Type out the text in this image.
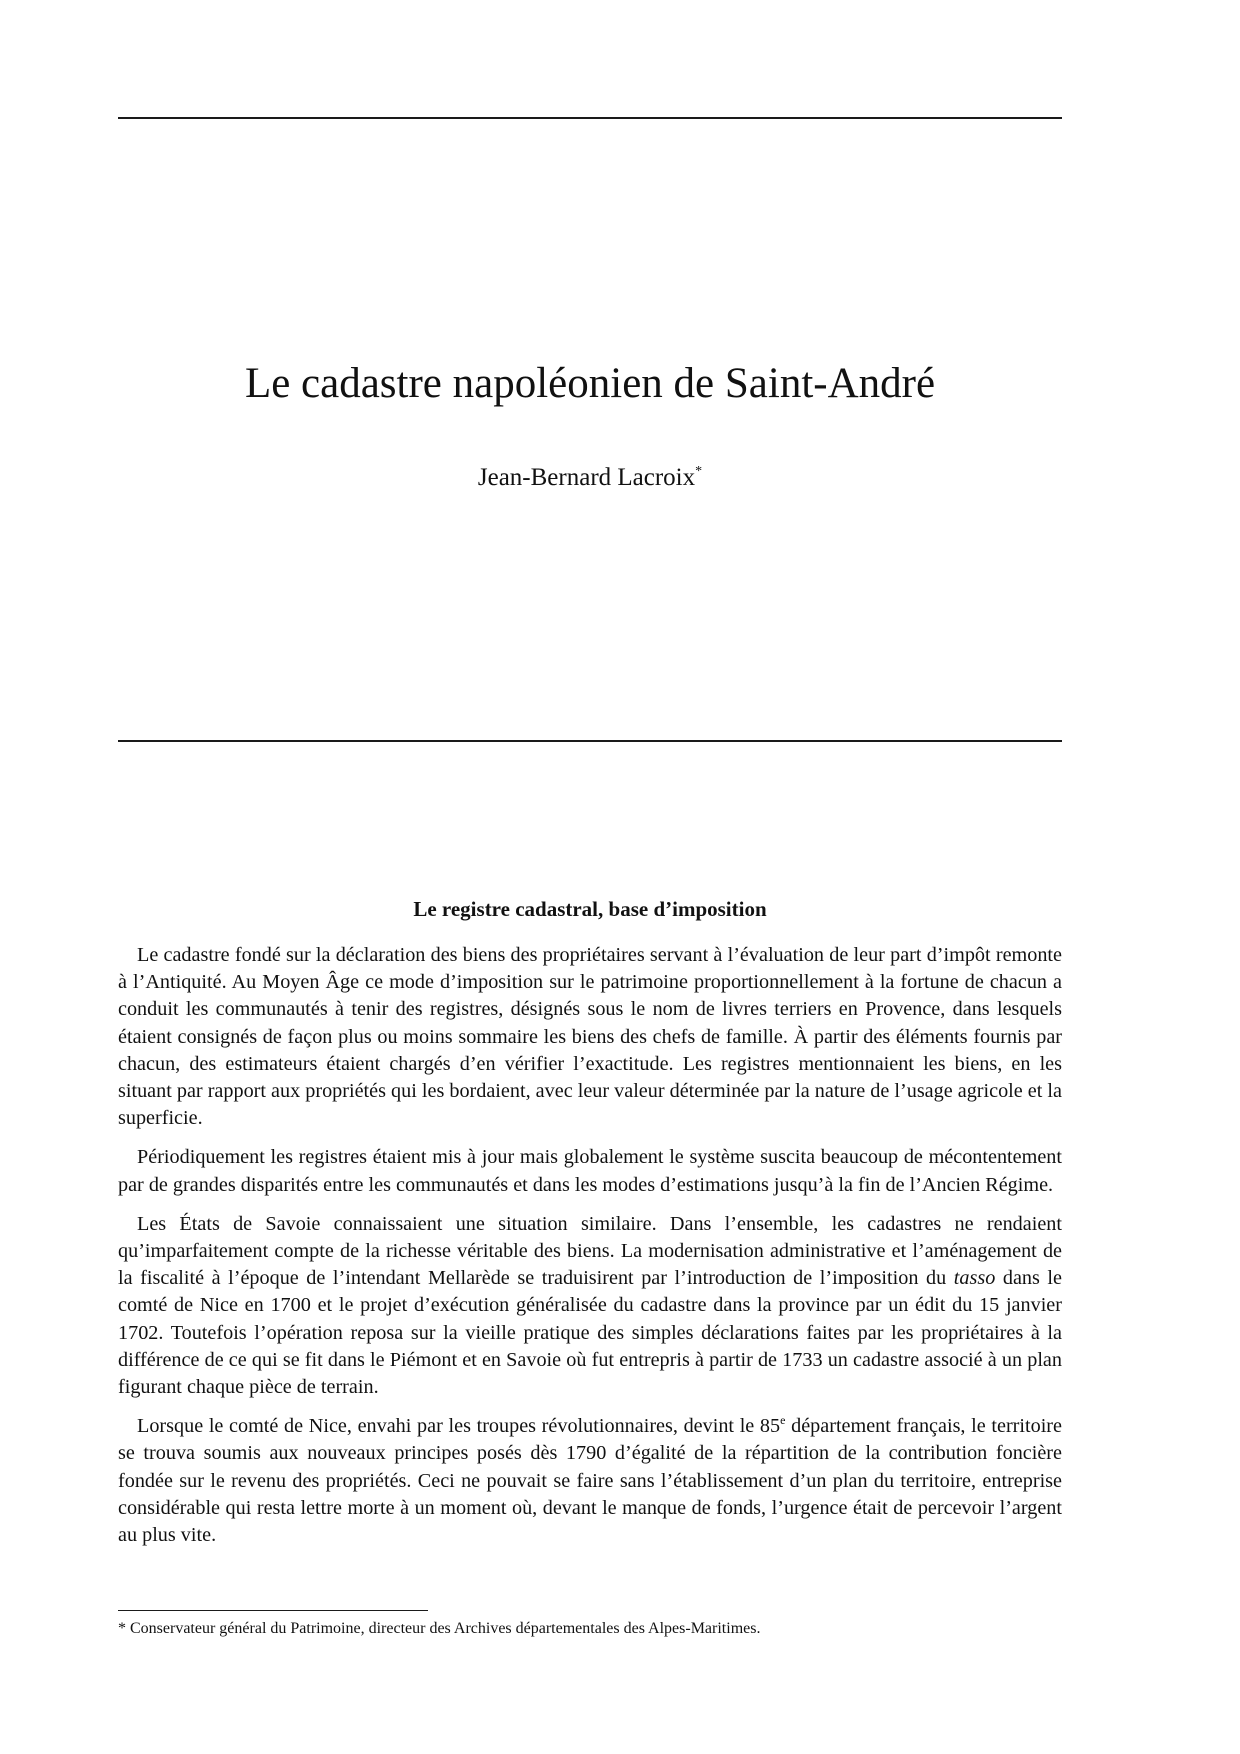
Le cadastre napoléonien de Saint-André
Jean-Bernard Lacroix*
Le registre cadastral, base d’imposition

Le cadastre fondé sur la déclaration des biens des propriétaires servant à l’évaluation de leur part d’impôt remonte à l’Antiquité. Au Moyen Âge ce mode d’imposition sur le patrimoine proportionnellement à la fortune de chacun a conduit les communautés à tenir des registres, désignés sous le nom de livres terriers en Provence, dans lesquels étaient consignés de façon plus ou moins sommaire les biens des chefs de famille. À partir des éléments fournis par chacun, des estimateurs étaient chargés d’en vérifier l’exactitude. Les registres mentionnaient les biens, en les situant par rapport aux propriétés qui les bordaient, avec leur valeur déterminée par la nature de l’usage agricole et la superficie.

Périodiquement les registres étaient mis à jour mais globalement le système suscita beaucoup de mécontentement par de grandes disparités entre les communautés et dans les modes d’estimations jusqu’à la fin de l’Ancien Régime.

Les États de Savoie connaissaient une situation similaire. Dans l’ensemble, les cadastres ne rendaient qu’imparfaitement compte de la richesse véritable des biens. La modernisation administrative et l’aménagement de la fiscalité à l’époque de l’intendant Mellarède se traduisirent par l’introduction de l’imposition du tasso dans le comté de Nice en 1700 et le projet d’exécution généralisée du cadastre dans la province par un édit du 15 janvier 1702. Toutefois l’opération reposa sur la vieille pratique des simples déclarations faites par les propriétaires à la différence de ce qui se fit dans le Piémont et en Savoie où fut entrepris à partir de 1733 un cadastre associé à un plan figurant chaque pièce de terrain.

Lorsque le comté de Nice, envahi par les troupes révolutionnaires, devint le 85e département français, le territoire se trouva soumis aux nouveaux principes posés dès 1790 d’égalité de la répartition de la contribution foncière fondée sur le revenu des propriétés. Ceci ne pouvait se faire sans l’établissement d’un plan du territoire, entreprise considérable qui resta lettre morte à un moment où, devant le manque de fonds, l’urgence était de percevoir l’argent au plus vite.

* Conservateur général du Patrimoine, directeur des Archives départementales des Alpes-Maritimes.
